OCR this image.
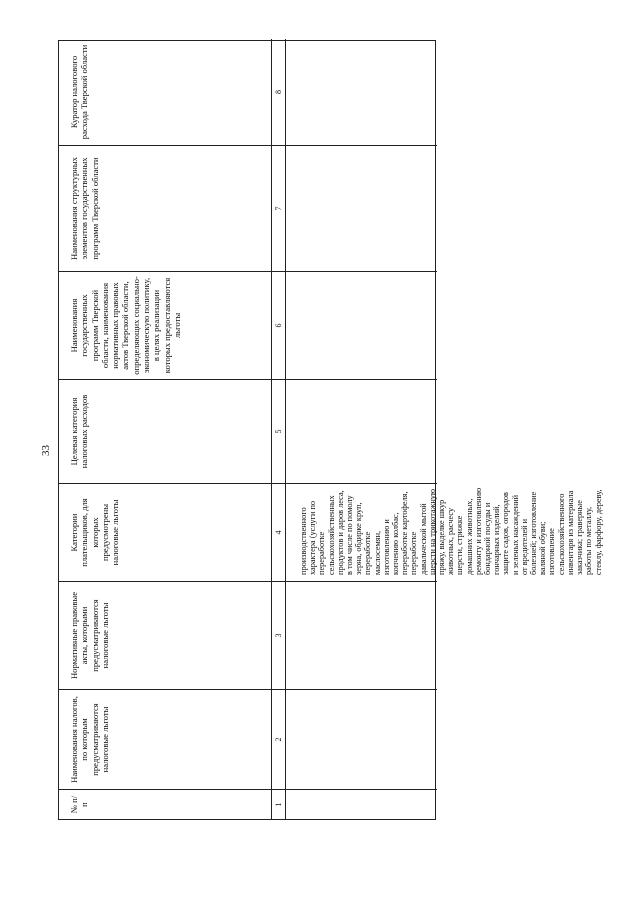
33
№ п/п
Наименования налогов, по которым предусматриваются налоговые льготы
Нормативные правовые акты, которыми предусматриваются налоговые льготы
Категории плательщиков, для которых предусмотрены налоговые льготы
Целевая категория налоговых расходов
Наименования государственных программ Тверской области, наименования нормативных правовых актов Тверской области, определяющих социально-экономическую политику, в целях реализации которых предоставляются льготы
Наименования структурных элементов государственных программ Тверской области
Куратор налогового расхода Тверской области
1
2
3
4
5
6
7
8
производственного характера (услуги по переработке сельскохозяйственных продуктов и даров леса, в том числе по помолу зерна, обдирке круп, переработке маслосемян, изготовлению и копчению колбас, переработке картофеля, переработке давальческой мытой шерсти на трикотажную пряжу, выделке шкур животных, расчесу шерсти, стрижке домашних животных, ремонту и изготовлению бондарной посуды и гончарных изделий, защите садов, огородов и зеленых насаждений от вредителей и болезней; изготовление валяной обуви; изготовление сельскохозяйственного инвентаря из материала заказчика; граверные работы по металлу, стеклу, фарфору, дереву,
